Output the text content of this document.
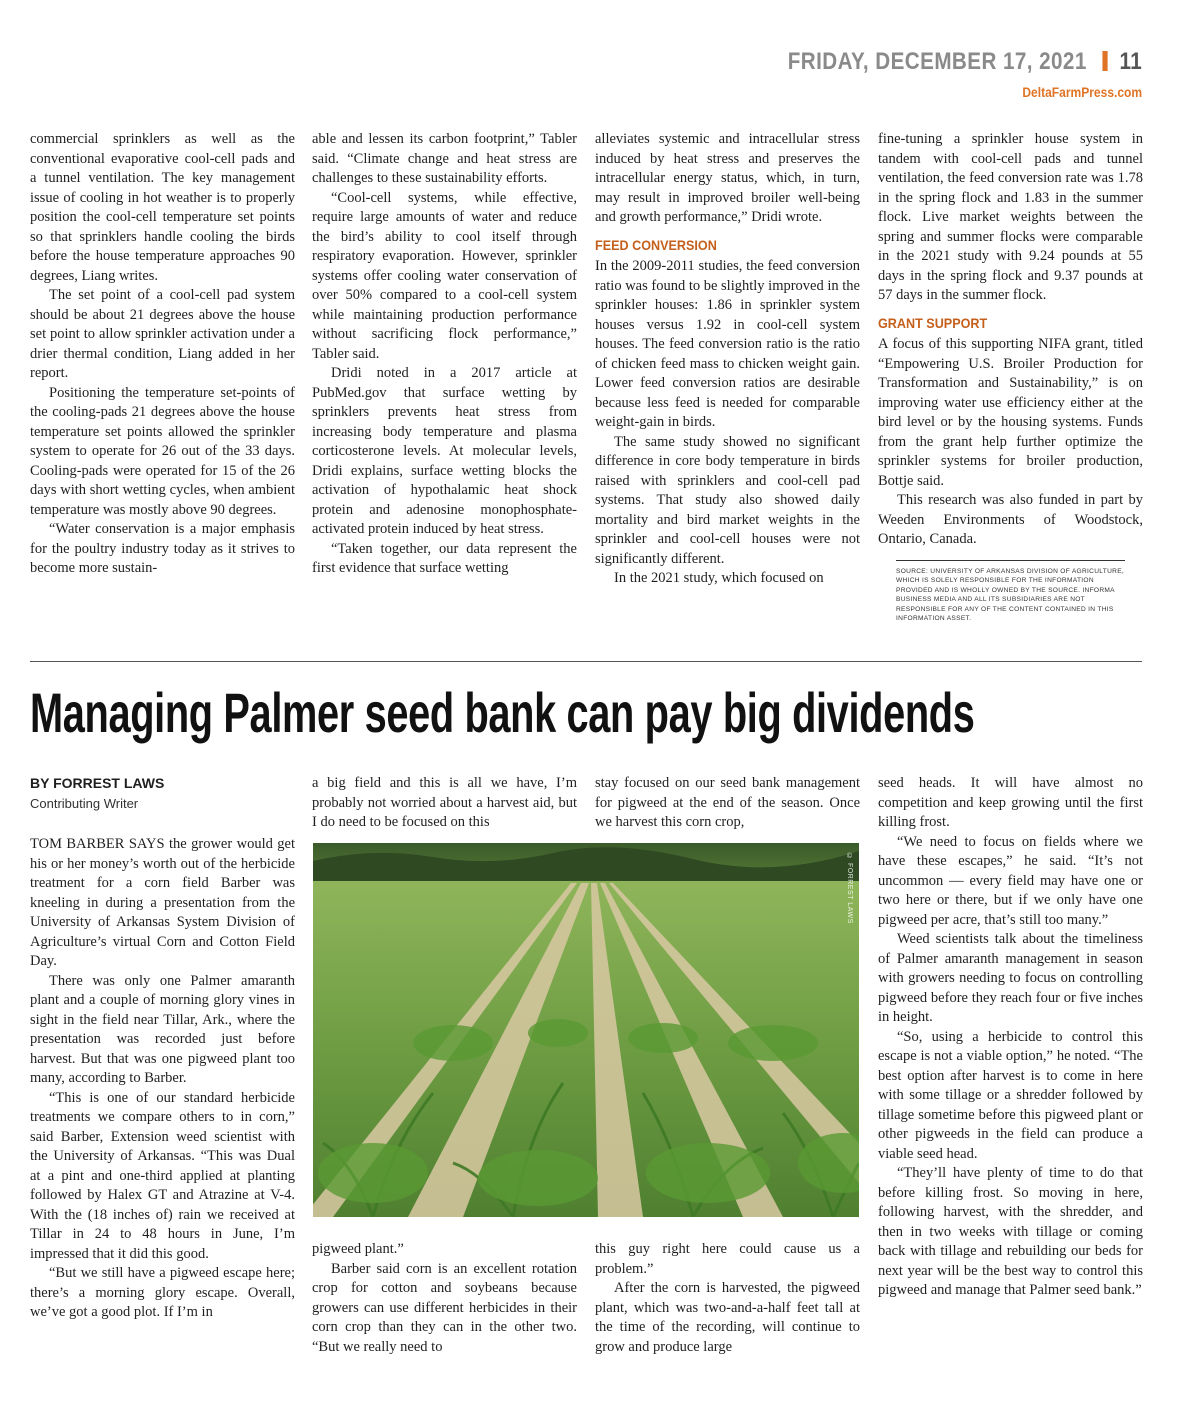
FRIDAY, DECEMBER 17, 2021 11
DeltaFarmPress.com

commercial sprinklers as well as the conventional evaporative cool-cell pads and a tunnel ventilation. The key management issue of cooling in hot weather is to properly position the cool-cell temperature set points so that sprinklers handle cooling the birds before the house temperature approaches 90 degrees, Liang writes.

The set point of a cool-cell pad system should be about 21 degrees above the house set point to allow sprinkler activation under a drier thermal condition, Liang added in her report.

Positioning the temperature set-points of the cooling-pads 21 degrees above the house temperature set points allowed the sprinkler system to operate for 26 out of the 33 days. Cooling-pads were operated for 15 of the 26 days with short wetting cycles, when ambient temperature was mostly above 90 degrees.

“Water conservation is a major emphasis for the poultry industry today as it strives to become more sustain-

able and lessen its carbon footprint,” Tabler said. “Climate change and heat stress are challenges to these sustainability efforts.

“Cool-cell systems, while effective, require large amounts of water and reduce the bird’s ability to cool itself through respiratory evaporation. However, sprinkler systems offer cooling water conservation of over 50% compared to a cool-cell system while maintaining production performance without sacrificing flock performance,” Tabler said.

Dridi noted in a 2017 article at PubMed.gov that surface wetting by sprinklers prevents heat stress from increasing body temperature and plasma corticosterone levels. At molecular levels, Dridi explains, surface wetting blocks the activation of hypothalamic heat shock protein and adenosine monophosphate-activated protein induced by heat stress.

“Taken together, our data represent the first evidence that surface wetting

alleviates systemic and intracellular stress induced by heat stress and preserves the intracellular energy status, which, in turn, may result in improved broiler well-being and growth performance,” Dridi wrote.

FEED CONVERSION

In the 2009-2011 studies, the feed conversion ratio was found to be slightly improved in the sprinkler houses: 1.86 in sprinkler system houses versus 1.92 in cool-cell system houses. The feed conversion ratio is the ratio of chicken feed mass to chicken weight gain. Lower feed conversion ratios are desirable because less feed is needed for comparable weight-gain in birds.

The same study showed no significant difference in core body temperature in birds raised with sprinklers and cool-cell pad systems. That study also showed daily mortality and bird market weights in the sprinkler and cool-cell houses were not significantly different.

In the 2021 study, which focused on

fine-tuning a sprinkler house system in tandem with cool-cell pads and tunnel ventilation, the feed conversion rate was 1.78 in the spring flock and 1.83 in the summer flock. Live market weights between the spring and summer flocks were comparable in the 2021 study with 9.24 pounds at 55 days in the spring flock and 9.37 pounds at 57 days in the summer flock.

GRANT SUPPORT

A focus of this supporting NIFA grant, titled “Empowering U.S. Broiler Production for Transformation and Sustainability,” is on improving water use efficiency either at the bird level or by the housing systems. Funds from the grant help further optimize the sprinkler systems for broiler production, Bottje said.

This research was also funded in part by Weeden Environments of Woodstock, Ontario, Canada.

SOURCE: UNIVERSITY OF ARKANSAS DIVISION OF AGRICULTURE, WHICH IS SOLELY RESPONSIBLE FOR THE INFORMATION PROVIDED AND IS WHOLLY OWNED BY THE SOURCE. INFORMA BUSINESS MEDIA AND ALL ITS SUBSIDIARIES ARE NOT RESPONSIBLE FOR ANY OF THE CONTENT CONTAINED IN THIS INFORMATION ASSET.
Managing Palmer seed bank can pay big dividends
BY FORREST LAWS
Contributing Writer

TOM BARBER SAYS the grower would get his or her money’s worth out of the herbicide treatment for a corn field Barber was kneeling in during a presentation from the University of Arkansas System Division of Agriculture’s virtual Corn and Cotton Field Day.

There was only one Palmer amaranth plant and a couple of morning glory vines in sight in the field near Tillar, Ark., where the presentation was recorded just before harvest. But that was one pigweed plant too many, according to Barber.

“This is one of our standard herbicide treatments we compare others to in corn,” said Barber, Extension weed scientist with the University of Arkansas. “This was Dual at a pint and one-third applied at planting followed by Halex GT and Atrazine at V-4. With the (18 inches of) rain we received at Tillar in 24 to 48 hours in June, I’m impressed that it did this good.

“But we still have a pigweed escape here; there’s a morning glory escape. Overall, we’ve got a good plot. If I’m in

a big field and this is all we have, I’m probably not worried about a harvest aid, but I do need to be focused on this

stay focused on our seed bank management for pigweed at the end of the season. Once we harvest this corn crop,

© FORREST LAWS

pigweed plant.”

Barber said corn is an excellent rotation crop for cotton and soybeans because growers can use different herbicides in their corn crop than they can in the other two. “But we really need to

this guy right here could cause us a problem.”

After the corn is harvested, the pigweed plant, which was two-and-a-half feet tall at the time of the recording, will continue to grow and produce large

seed heads. It will have almost no competition and keep growing until the first killing frost.

“We need to focus on fields where we have these escapes,” he said. “It’s not uncommon — every field may have one or two here or there, but if we only have one pigweed per acre, that’s still too many.”

Weed scientists talk about the timeliness of Palmer amaranth management in season with growers needing to focus on controlling pigweed before they reach four or five inches in height.

“So, using a herbicide to control this escape is not a viable option,” he noted. “The best option after harvest is to come in here with some tillage or a shredder followed by tillage sometime before this pigweed plant or other pigweeds in the field can produce a viable seed head.

“They’ll have plenty of time to do that before killing frost. So moving in here, following harvest, with the shredder, and then in two weeks with tillage or coming back with tillage and rebuilding our beds for next year will be the best way to control this pigweed and manage that Palmer seed bank.”
